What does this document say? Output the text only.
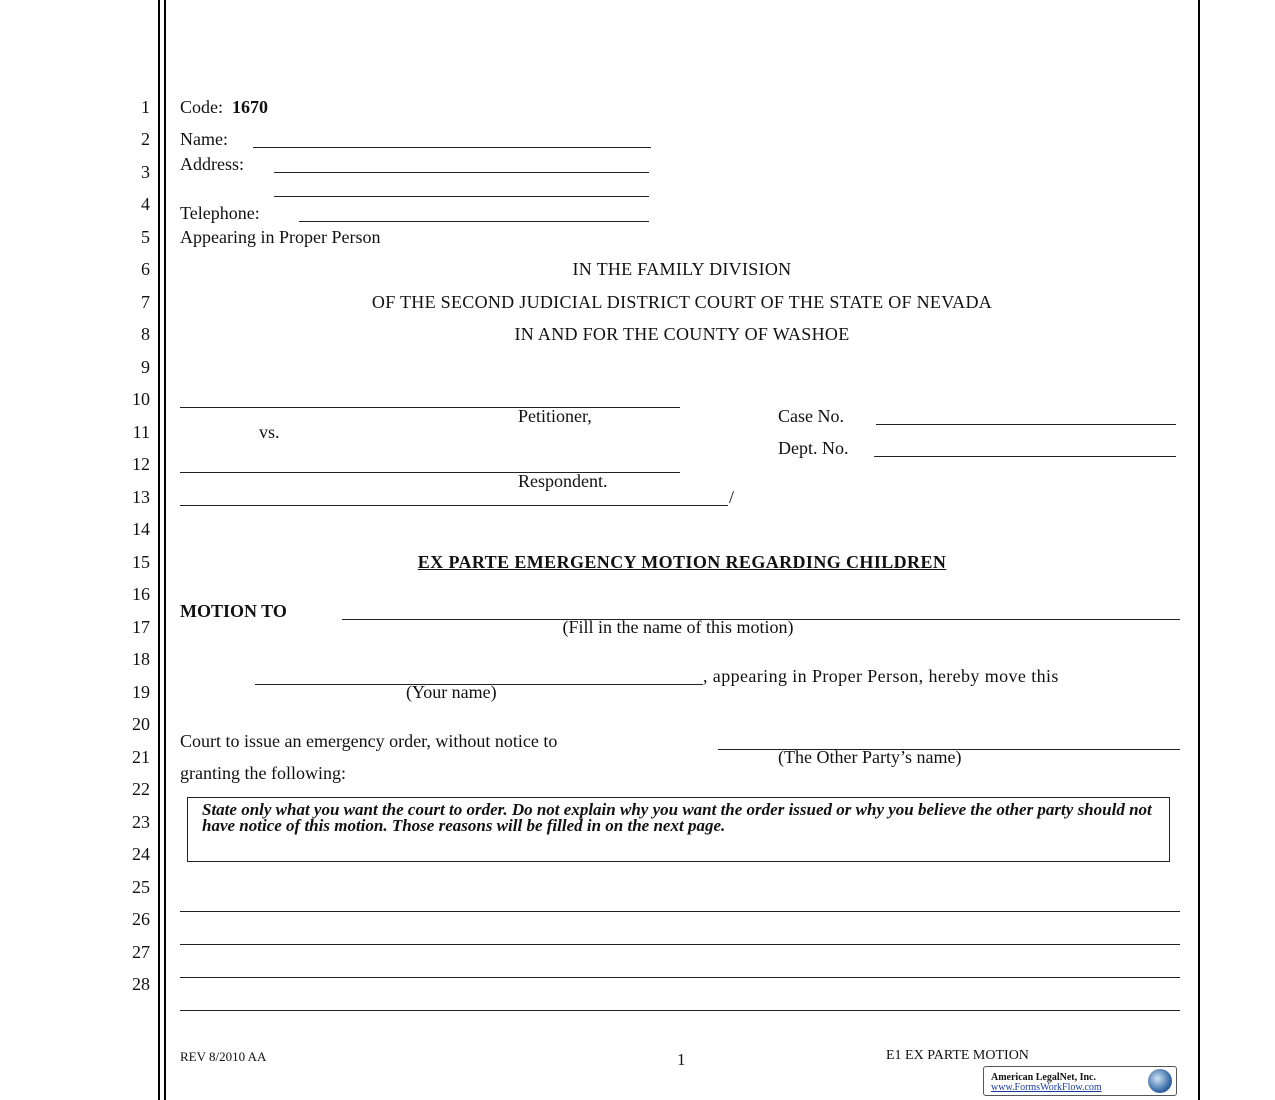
1
2
3
4
5
6
7
8
9
10
11
12
13
14
15
16
17
18
19
20
21
22
23
24
25
26
27
28
Code: 1670
Name:
Address:
Telephone:
Appearing in Proper Person
IN THE FAMILY DIVISION
OF THE SECOND JUDICIAL DISTRICT COURT OF THE STATE OF NEVADA
IN AND FOR THE COUNTY OF WASHOE
Petitioner,
vs.
Respondent.
/
Case No.
Dept. No.
EX PARTE EMERGENCY MOTION REGARDING CHILDREN
MOTION TO
(Fill in the name of this motion)
, appearing in Proper Person, hereby move this
(Your name)
Court to issue an emergency order, without notice to
(The Other Party’s name)
granting the following:
State only what you want the court to order. Do not explain why you want the order issued or why you believe the other party should not have notice of this motion. Those reasons will be filled in on the next page.
REV 8/2010 AA	1	E1 EX PARTE MOTION
American LegalNet, Inc.
www.FormsWorkFlow.com
